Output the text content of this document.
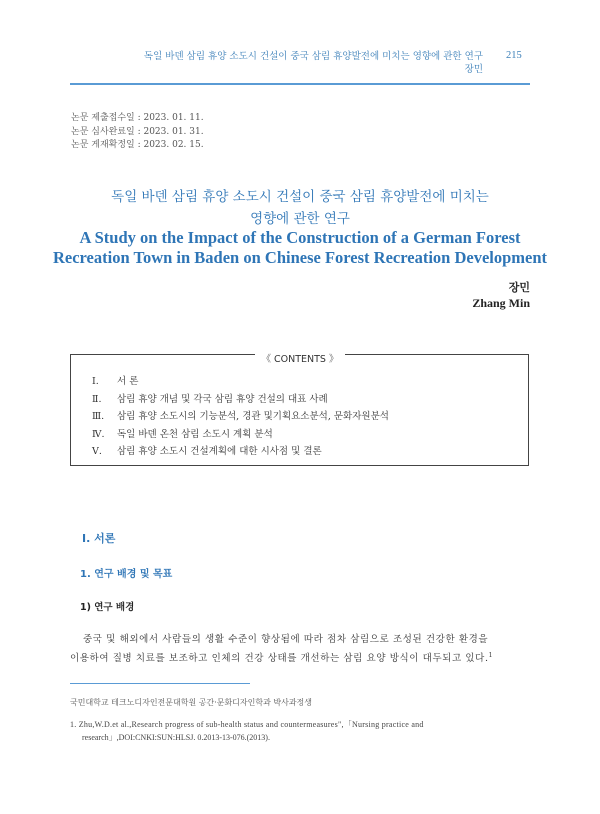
독일 바덴 삼림 휴양 소도시 건설이 중국 삼림 휴양발전에 미치는 영향에 관한 연구
장민
215
논문 제출접수일 : 2023. 01. 11.
논문 심사완료일 : 2023. 01. 31.
논문 게재확정일 : 2023. 02. 15.
독일 바덴 삼림 휴양 소도시 건설이 중국 삼림 휴양발전에 미치는
영향에 관한 연구
A Study on the Impact of the Construction of a German Forest
Recreation Town in Baden on Chinese Forest Recreation Development
장민
Zhang Min
《 CONTENTS 》
Ⅰ. 서 론
Ⅱ. 삼림 휴양 개념 및 각국 삼림 휴양 건설의 대표 사례
Ⅲ. 삼림 휴양 소도시의 기능분석, 경관 및기획요소분석, 문화자원분석
Ⅳ. 독일 바덴 온천 삼림 소도시 계획 분석
Ⅴ. 삼림 휴양 소도시 건설계획에 대한 시사점 및 결론
Ⅰ. 서론
1. 연구 배경 및 목표
1) 연구 배경
중국 및 해외에서 사람들의 생활 수준이 향상됨에 따라 점차 삼림으로 조성된 건강한 환경을
이용하여 질병 치료를 보조하고 인체의 건강 상태를 개선하는 삼림 요양 방식이 대두되고 있다.$^1$
국민대학교 테크노디자인전문대학원 공간·문화디자인학과 박사과정생
1. Zhu,W.D.et al.,Research progress of sub-health status and countermeasures",「Nursing practice and
research」,DOI:CNKI:SUN:HLSJ. 0.2013-13-076.(2013).
